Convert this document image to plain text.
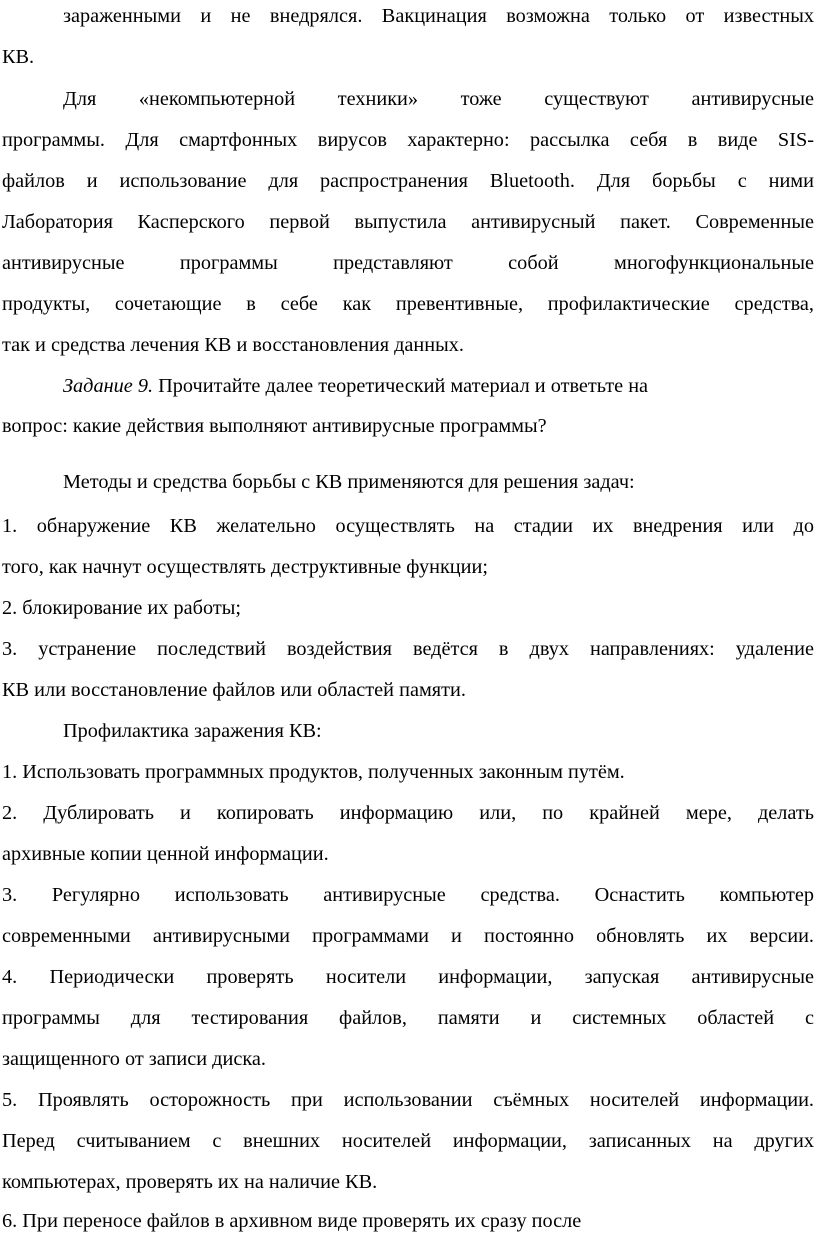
зараженными и не внедрялся. Вакцинация возможна только от известных

КВ.

Для «некомпьютерной техники» тоже существуют антивирусные

программы. Для смартфонных вирусов характерно: рассылка себя в виде SIS-

файлов и использование для распространения Bluetooth. Для борьбы с ними

Лаборатория Касперского первой выпустила антивирусный пакет. Современные

антивирусные программы представляют собой многофункциональные

продукты, сочетающие в себе как превентивные, профилактические средства,

так и средства лечения КВ и восстановления данных.

Задание 9. Прочитайте далее теоретический материал и ответьте на

вопрос: какие действия выполняют антивирусные программы?

Методы и средства борьбы с КВ применяются для решения задач:

1. обнаружение КВ желательно осуществлять на стадии их внедрения или до

того, как начнут осуществлять деструктивные функции;

2. блокирование их работы;

3. устранение последствий воздействия ведётся в двух направлениях: удаление

КВ или восстановление файлов или областей памяти.

Профилактика заражения КВ:

1. Использовать программных продуктов, полученных законным путём.

2. Дублировать и копировать информацию или, по крайней мере, делать

архивные копии ценной информации.

3. Регулярно использовать антивирусные средства. Оснастить компьютер

современными антивирусными программами и постоянно обновлять их версии.

4. Периодически проверять носители информации, запуская антивирусные

программы для тестирования файлов, памяти и системных областей с

защищенного от записи диска.

5. Проявлять осторожность при использовании съёмных носителей информации.

Перед считыванием с внешних носителей информации, записанных на других

компьютерах, проверять их на наличие КВ.

6. При переносе файлов в архивном виде проверять их сразу после
